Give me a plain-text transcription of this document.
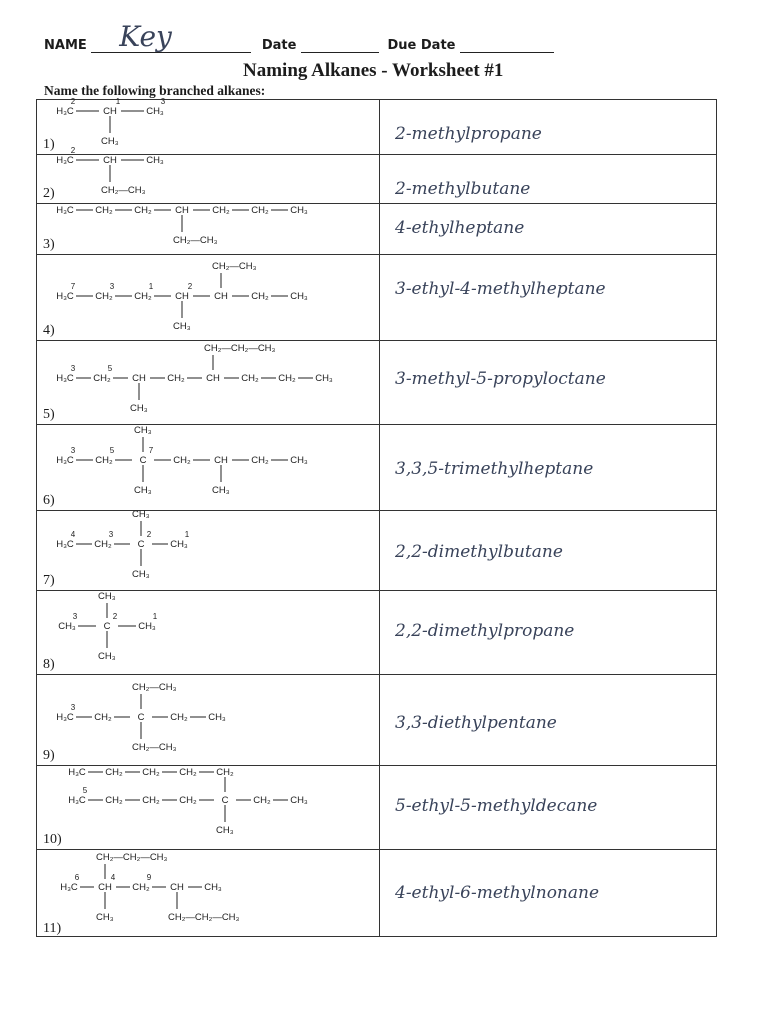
NAME Key	Date	Due Date
Naming Alkanes - Worksheet #1
Name the following branched alkanes:
1)
2-methylpropane
H₃C	CH	CH₃
CH₃
2	1	3
2)	2-methylbutane
H₃C	CH	CH₃
CH₂—CH₃
2
3)
4-ethylheptane
H₃C CH₂ CH₂ CH CH₂ CH₂ CH₃
CH₂—CH₃
4)
3-ethyl-4-methylheptane
H₃C CH₂ CH₂ CH	CH CH₂ CH₃
CH₂—CH₃
CH₃
7	3	1	2
5)
3-methyl-5-propyloctane
H₃C CH₂ CH CH₂ CH CH₂ CH₂ CH₃
CH₂—CH₂—CH₃
CH₃
3	5
6)
3,3,5-trimethylheptane
H₃C CH₂	C	CH₂ CH CH₂ CH₃
CH₃
CH₃	CH₃
3	5	7
7)
2,2-dimethylbutane
H₃C CH₂	C	CH₃
CH₃
CH₃
4	3	2	1
8)
2,2-dimethylpropane
CH₃	C	CH₃
CH₃
CH₃
3	2	1
9)
3,3-diethylpentane
H₃C CH₂	C	CH₂ CH₃
CH₂—CH₃
CH₂—CH₃
3
10)
5-ethyl-5-methyldecane
H₃C CH₂ CH₂ CH₂	C	CH₂ CH₃
H₃C CH₂ CH₂ CH₂ CH₂
CH₃
5
11)
4-ethyl-6-methylnonane
H₃C CH CH₂ CH CH₃
CH₂—CH₂—CH₃
CH₃	CH₂—CH₂—CH₃
6	4	9
